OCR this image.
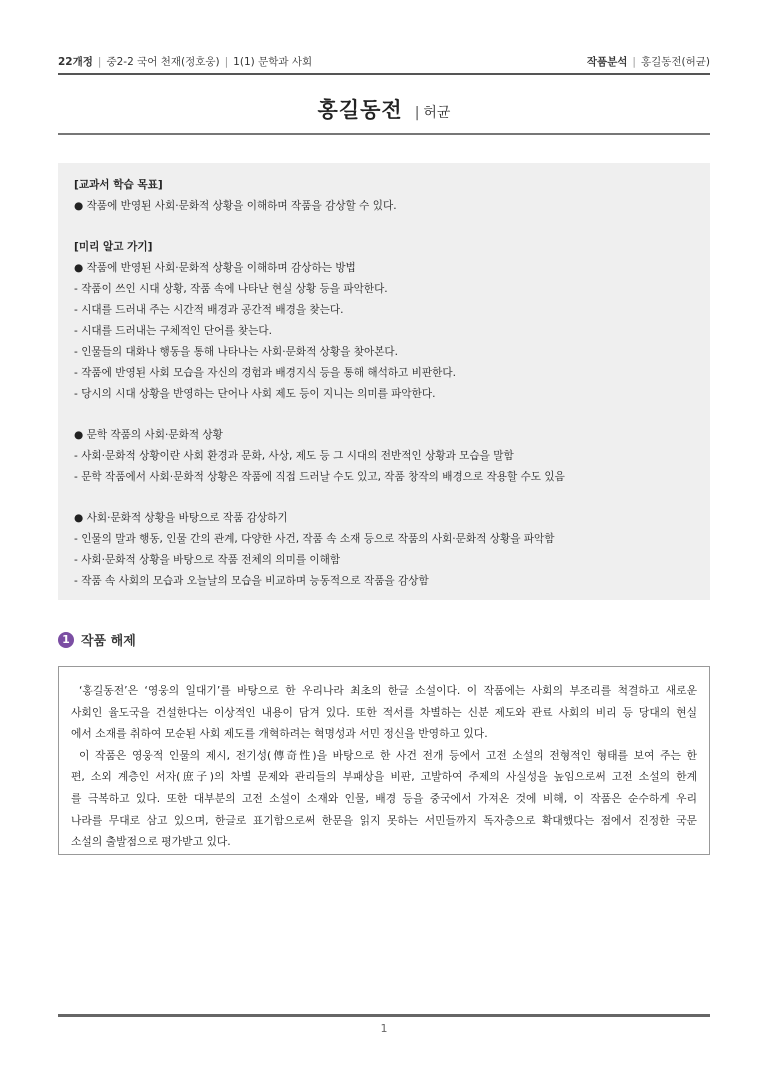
22개정 | 중2-2 국어 천재(정호웅) | 1(1) 문학과 사회	작품분석 | 홍길동전(허균)
홍길동전 | 허균
[교과서 학습 목표]
● 작품에 반영된 사회·문화적 상황을 이해하며 작품을 감상할 수 있다.
[미리 알고 가기]
● 작품에 반영된 사회·문화적 상황을 이해하며 감상하는 방법
- 작품이 쓰인 시대 상황, 작품 속에 나타난 현실 상황 등을 파악한다.
- 시대를 드러내 주는 시간적 배경과 공간적 배경을 찾는다.
- 시대를 드러내는 구체적인 단어를 찾는다.
- 인물들의 대화나 행동을 통해 나타나는 사회·문화적 상황을 찾아본다.
- 작품에 반영된 사회 모습을 자신의 경험과 배경지식 등을 통해 해석하고 비판한다.
- 당시의 시대 상황을 반영하는 단어나 사회 제도 등이 지니는 의미를 파악한다.
● 문학 작품의 사회·문화적 상황
- 사회·문화적 상황이란 사회 환경과 문화, 사상, 제도 등 그 시대의 전반적인 상황과 모습을 말함
- 문학 작품에서 사회·문화적 상황은 작품에 직접 드러날 수도 있고, 작품 창작의 배경으로 작용할 수도 있음
● 사회·문화적 상황을 바탕으로 작품 감상하기
- 인물의 말과 행동, 인물 간의 관계, 다양한 사건, 작품 속 소재 등으로 작품의 사회·문화적 상황을 파악함
- 사회·문화적 상황을 바탕으로 작품 전체의 의미를 이해함
- 작품 속 사회의 모습과 오늘날의 모습을 비교하며 능동적으로 작품을 감상함
1 작품 해제
‘홍길동전’은 ‘영웅의 일대기’를 바탕으로 한 우리나라 최초의 한글 소설이다. 이 작품에는 사회의 부조리를 척결하고 새로운
사회인 율도국을 건설한다는 이상적인 내용이 담겨 있다. 또한 적서를 차별하는 신분 제도와 관료 사회의 비리 등 당대의 현실
에서 소재를 취하여 모순된 사회 제도를 개혁하려는 혁명성과 서민 정신을 반영하고 있다.
이 작품은 영웅적 인물의 제시, 전기성(傳奇性)을 바탕으로 한 사건 전개 등에서 고전 소설의 전형적인 형태를 보여 주는 한
편, 소외 계층인 서자(庶子)의 차별 문제와 관리들의 부패상을 비판, 고발하여 주제의 사실성을 높임으로써 고전 소설의 한계
를 극복하고 있다. 또한 대부분의 고전 소설이 소재와 인물, 배경 등을 중국에서 가져온 것에 비해, 이 작품은 순수하게 우리
나라를 무대로 삼고 있으며, 한글로 표기함으로써 한문을 읽지 못하는 서민들까지 독자층으로 확대했다는 점에서 진정한 국문
소설의 출발점으로 평가받고 있다.
1
